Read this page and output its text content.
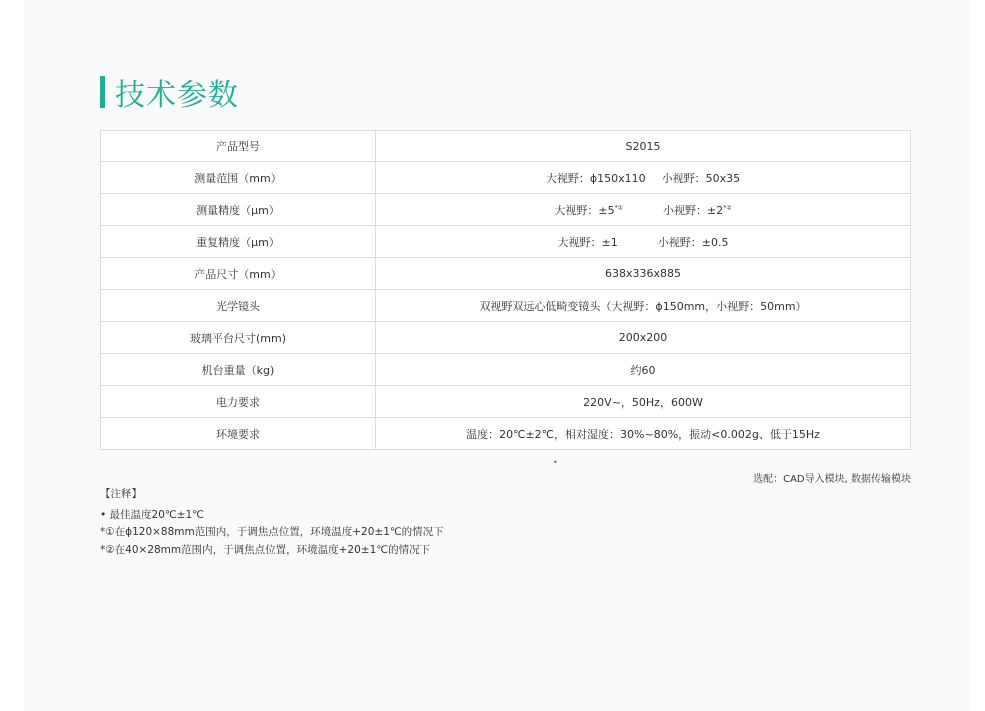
技术参数
产品型号	S2015
测量范围（mm）	大视野：ϕ150x110 小视野：50x35
测量精度（μm）	大视野：±5*① 小视野：±2*②
重复精度（μm）	大视野：±1 小视野：±0.5
产品尺寸（mm）	638x336x885
光学镜头	双视野双远心低畸变镜头（大视野：ϕ150mm，小视野：50mm）
玻璃平台尺寸(mm)	200x200
机台重量（kg)	约60
电力要求	220V~，50Hz，600W
环境要求	温度：20℃±2℃，相对湿度：30%~80%，振动<0.002g、低于15Hz
•
选配：CAD导入模块, 数据传输模块
【注释】
• 最佳温度20℃±1℃
*①在ϕ120×88mm范围内，于调焦点位置，环境温度+20±1℃的情况下
*②在40×28mm范围内，于调焦点位置，环境温度+20±1℃的情况下
